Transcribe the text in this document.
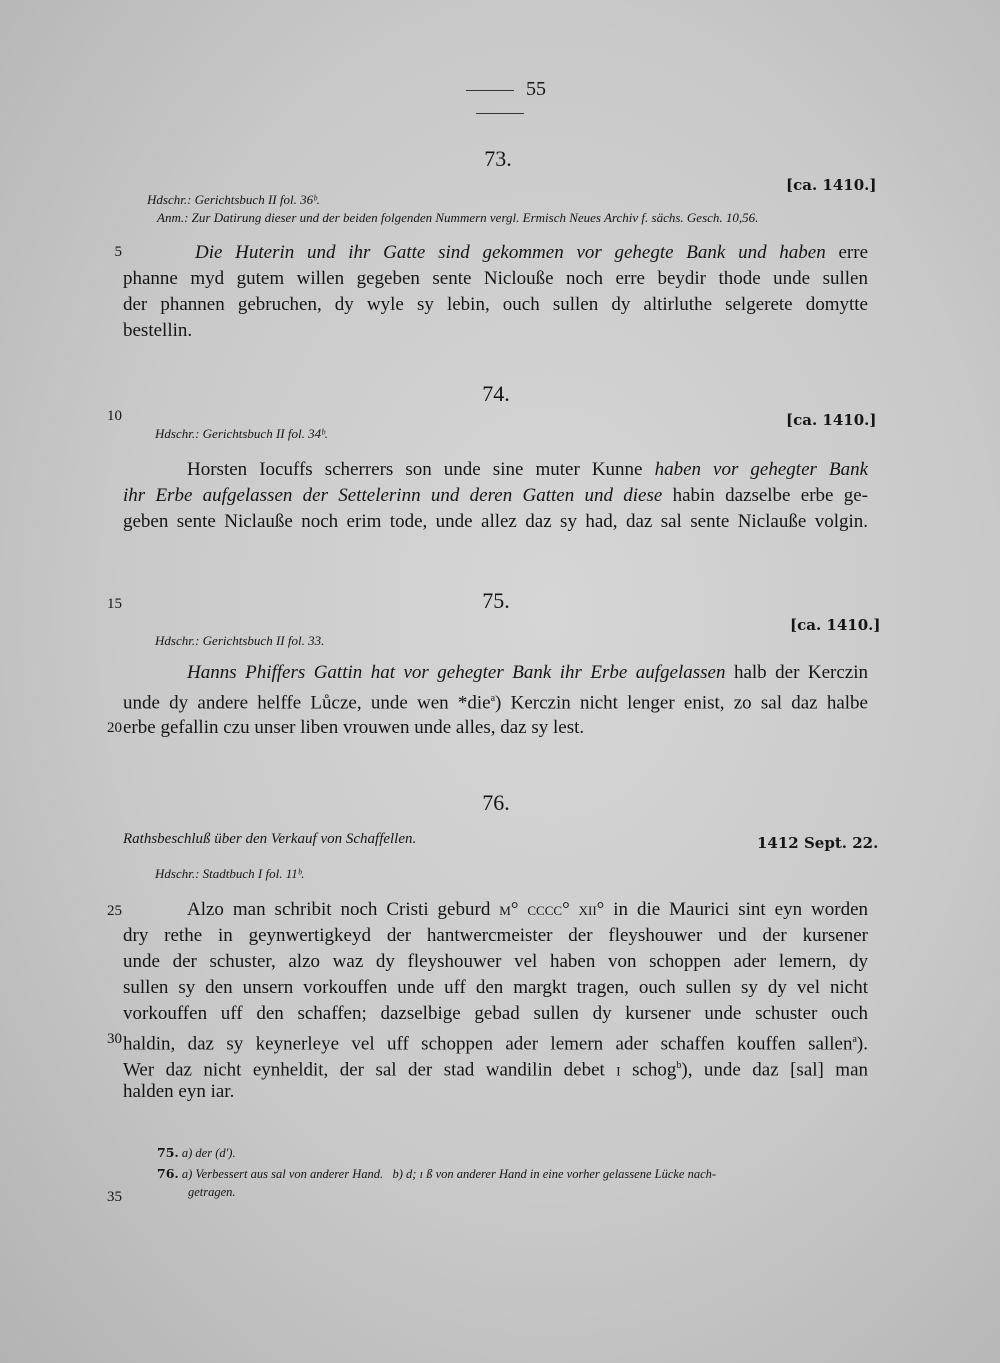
55
73.
[ca. 1410.]
Hdschr.: Gerichtsbuch II fol. 36ᵇ.
Anm.: Zur Datirung dieser und der beiden folgenden Nummern vergl. Ermisch Neues Archiv f. sächs. Gesch. 10,56.
5	Die Huterin und ihr Gatte sind gekommen vor gehegte Bank und haben erre
phanne myd gutem willen gegeben sente Niclouße noch erre beydir thode unde sullen
der phannen gebruchen, dy wyle sy lebin, ouch sullen dy altirluthe selgerete domytte
bestellin.
74.
10	[ca. 1410.]
Hdschr.: Gerichtsbuch II fol. 34ᵇ.
Horsten Iocuffs scherrers son unde sine muter Kunne haben vor gehegter Bank
ihr Erbe aufgelassen der Settelerinn und deren Gatten und diese habin dazselbe erbe ge-
geben sente Niclauße noch erim tode, unde allez daz sy had, daz sal sente Niclauße volgin.
75.
15
[ca. 1410.]
Hdschr.: Gerichtsbuch II fol. 33.
Hanns Phiffers Gattin hat vor gehegter Bank ihr Erbe aufgelassen halb der Kerczin
unde dy andere helffe Lůcze, unde wen *die$^a$) Kerczin nicht lenger enist, zo sal daz halbe
20 erbe gefallin czu unser liben vrouwen unde alles, daz sy lest.
76.
Rathsbeschluß über den Verkauf von Schaffellen.	1412 Sept. 22.
Hdschr.: Stadtbuch I fol. 11ᵇ.
25	Alzo man schribit noch Cristi geburd m° cccc° xii° in die Maurici sint eyn worden
dry rethe in geynwertigkeyd der hantwercmeister der fleyshouwer und der kursener
unde der schuster, alzo waz dy fleyshouwer vel haben von schoppen ader lemern, dy
sullen sy den unsern vorkouffen unde uff den margkt tragen, ouch sullen sy dy vel nicht
vorkouffen uff den schaffen; dazselbige gebad sullen dy kursener unde schuster ouch
30 haldin, daz sy keynerleye vel uff schoppen ader lemern ader schaffen kouffen sallen$^a$).
Wer daz nicht eynheldit, der sal der stad wandilin debet i schog$^b$), unde daz [sal] man
halden eyn iar.
75. a) der (d').
76. a) Verbessert aus sal von anderer Hand. b) d; ı ß von anderer Hand in eine vorher gelassene Lücke nach-
35	getragen.
